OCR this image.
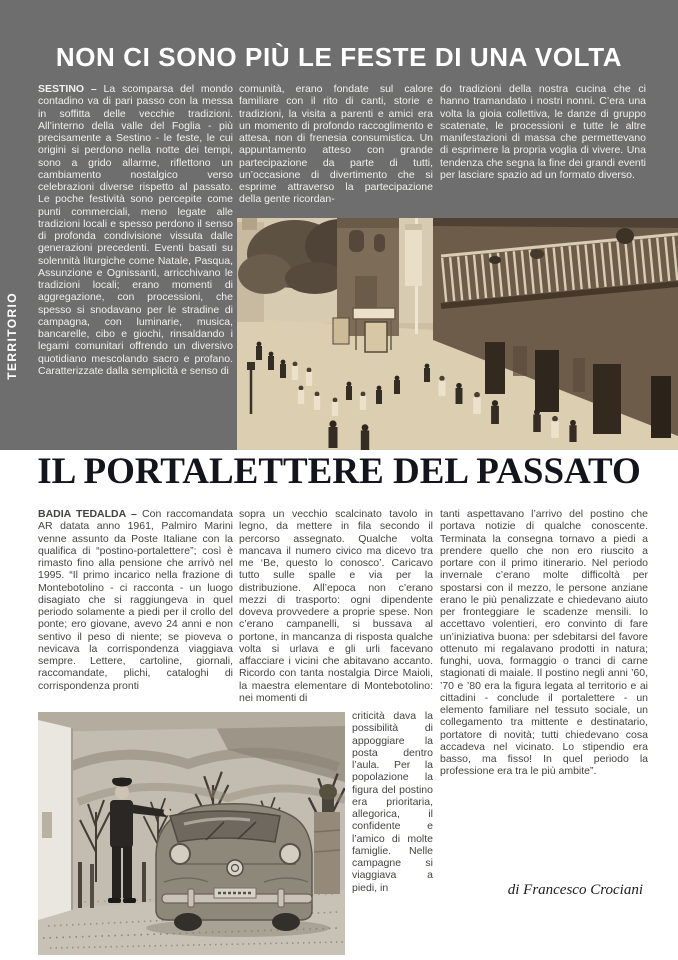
TERRITORIO
NON CI SONO PIÙ LE FESTE DI UNA VOLTA

SESTINO – La scomparsa del mondo contadino va di pari passo con la messa in soffitta delle vecchie tradizioni. All’interno della valle del Foglia - più precisamente a Sestino - le feste, le cui origini si perdono nella notte dei tempi, sono a grido allarme, riflettono un cambiamento nostalgico verso celebrazioni diverse rispetto al passato. Le poche festività sono percepite come punti commerciali, meno legate alle tradizioni locali e spesso perdono il senso di profonda condivisione vissuta dalle generazioni precedenti. Eventi basati su solennità liturgiche come Natale, Pasqua, Assunzione e Ognissanti, arricchivano le tradizioni locali; erano momenti di aggregazione, con processioni, che spesso si snodavano per le stradine di campagna, con luminarie, musica, bancarelle, cibo e giochi, rinsaldando i legami comunitari offrendo un diversivo quotidiano mescolando sacro e profano. Caratterizzate dalla semplicità e senso di

comunità, erano fondate sul calore familiare con il rito di canti, storie e tradizioni, la visita a parenti e amici era un momento di profondo raccoglimento e attesa, non di frenesia consumistica. Un appuntamento atteso con grande partecipazione da parte di tutti, un’occasione di divertimento che si esprime attraverso la partecipazione della gente ricordan-

do tradizioni della nostra cucina che ci hanno tramandato i nostri nonni. C’era una volta la gioia collettiva, le danze di gruppo scatenate, le processioni e tutte le altre manifestazioni di massa che permettevano di esprimere la propria voglia di vivere. Una tendenza che segna la fine dei grandi eventi per lasciare spazio ad un formato diverso.

IL PORTALETTERE DEL PASSATO

BADIA TEDALDA – Con raccomandata AR datata anno 1961, Palmiro Marini venne assunto da Poste Italiane con la qualifica di “postino-portalettere”; così è rimasto fino alla pensione che arrivò nel 1995. “Il primo incarico nella frazione di Montebotolino - ci racconta - un luogo disagiato che si raggiungeva in quel periodo solamente a piedi per il crollo del ponte; ero giovane, avevo 24 anni e non sentivo il peso di niente; se pioveva o nevicava la corrispondenza viaggiava sempre. Lettere, cartoline, giornali, raccomandate, plichi, cataloghi di corrispondenza pronti

sopra un vecchio scalcinato tavolo in legno, da mettere in fila secondo il percorso assegnato. Qualche volta mancava il numero civico ma dicevo tra me ‘Be, questo lo conosco’. Caricavo tutto sulle spalle e via per la distribuzione. All’epoca non c’erano mezzi di trasporto: ogni dipendente doveva provvedere a proprie spese. Non c’erano campanelli, si bussava al portone, in mancanza di risposta qualche volta si urlava e gli urli facevano affacciare i vicini che abitavano accanto. Ricordo con tanta nostalgia Dirce Maioli, la maestra elementare di Montebotolino: nei momenti di

criticità dava la possibilità di appoggiare la posta dentro l’aula. Per la popolazione la figura del postino era prioritaria, allegorica, il confidente e l’amico di molte famiglie. Nelle campagne si viaggiava a piedi, in

tanti aspettavano l’arrivo del postino che portava notizie di qualche conoscente. Terminata la consegna tornavo a piedi a prendere quello che non ero riuscito a portare con il primo itinerario. Nel periodo invernale c’erano molte difficoltà per spostarsi con il mezzo, le persone anziane erano le più penalizzate e chiedevano aiuto per fronteggiare le scadenze mensili. Io accettavo volentieri, ero convinto di fare un’iniziativa buona: per sdebitarsi del favore ottenuto mi regalavano prodotti in natura; funghi, uova, formaggio o tranci di carne stagionati di maiale. Il postino negli anni ’60, ’70 e ’80 era la figura legata al territorio e ai cittadini - conclude il portalettere - un elemento familiare nel tessuto sociale, un collegamento tra mittente e destinatario, portatore di novità; tutti chiedevano cosa accadeva nel vicinato. Lo stipendio era basso, ma fisso! In quel periodo la professione era tra le più ambite”.

di Francesco Crociani
